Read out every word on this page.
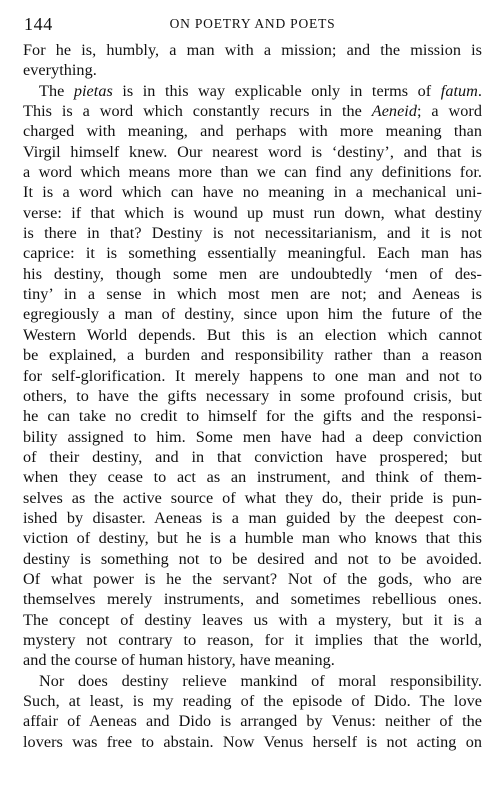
144	ON POETRY AND POETS
For he is, humbly, a man with a mission; and the mission is
everything.
The pietas is in this way explicable only in terms of fatum.
This is a word which constantly recurs in the Aeneid; a word
charged with meaning, and perhaps with more meaning than
Virgil himself knew. Our nearest word is ‘destiny’, and that is
a word which means more than we can find any definitions for.
It is a word which can have no meaning in a mechanical uni-
verse: if that which is wound up must run down, what destiny
is there in that? Destiny is not necessitarianism, and it is not
caprice: it is something essentially meaningful. Each man has
his destiny, though some men are undoubtedly ‘men of des-
tiny’ in a sense in which most men are not; and Aeneas is
egregiously a man of destiny, since upon him the future of the
Western World depends. But this is an election which cannot
be explained, a burden and responsibility rather than a reason
for self-glorification. It merely happens to one man and not to
others, to have the gifts necessary in some profound crisis, but
he can take no credit to himself for the gifts and the responsi-
bility assigned to him. Some men have had a deep conviction
of their destiny, and in that conviction have prospered; but
when they cease to act as an instrument, and think of them-
selves as the active source of what they do, their pride is pun-
ished by disaster. Aeneas is a man guided by the deepest con-
viction of destiny, but he is a humble man who knows that this
destiny is something not to be desired and not to be avoided.
Of what power is he the servant? Not of the gods, who are
themselves merely instruments, and sometimes rebellious ones.
The concept of destiny leaves us with a mystery, but it is a
mystery not contrary to reason, for it implies that the world,
and the course of human history, have meaning.
Nor does destiny relieve mankind of moral responsibility.
Such, at least, is my reading of the episode of Dido. The love
affair of Aeneas and Dido is arranged by Venus: neither of the
lovers was free to abstain. Now Venus herself is not acting on
